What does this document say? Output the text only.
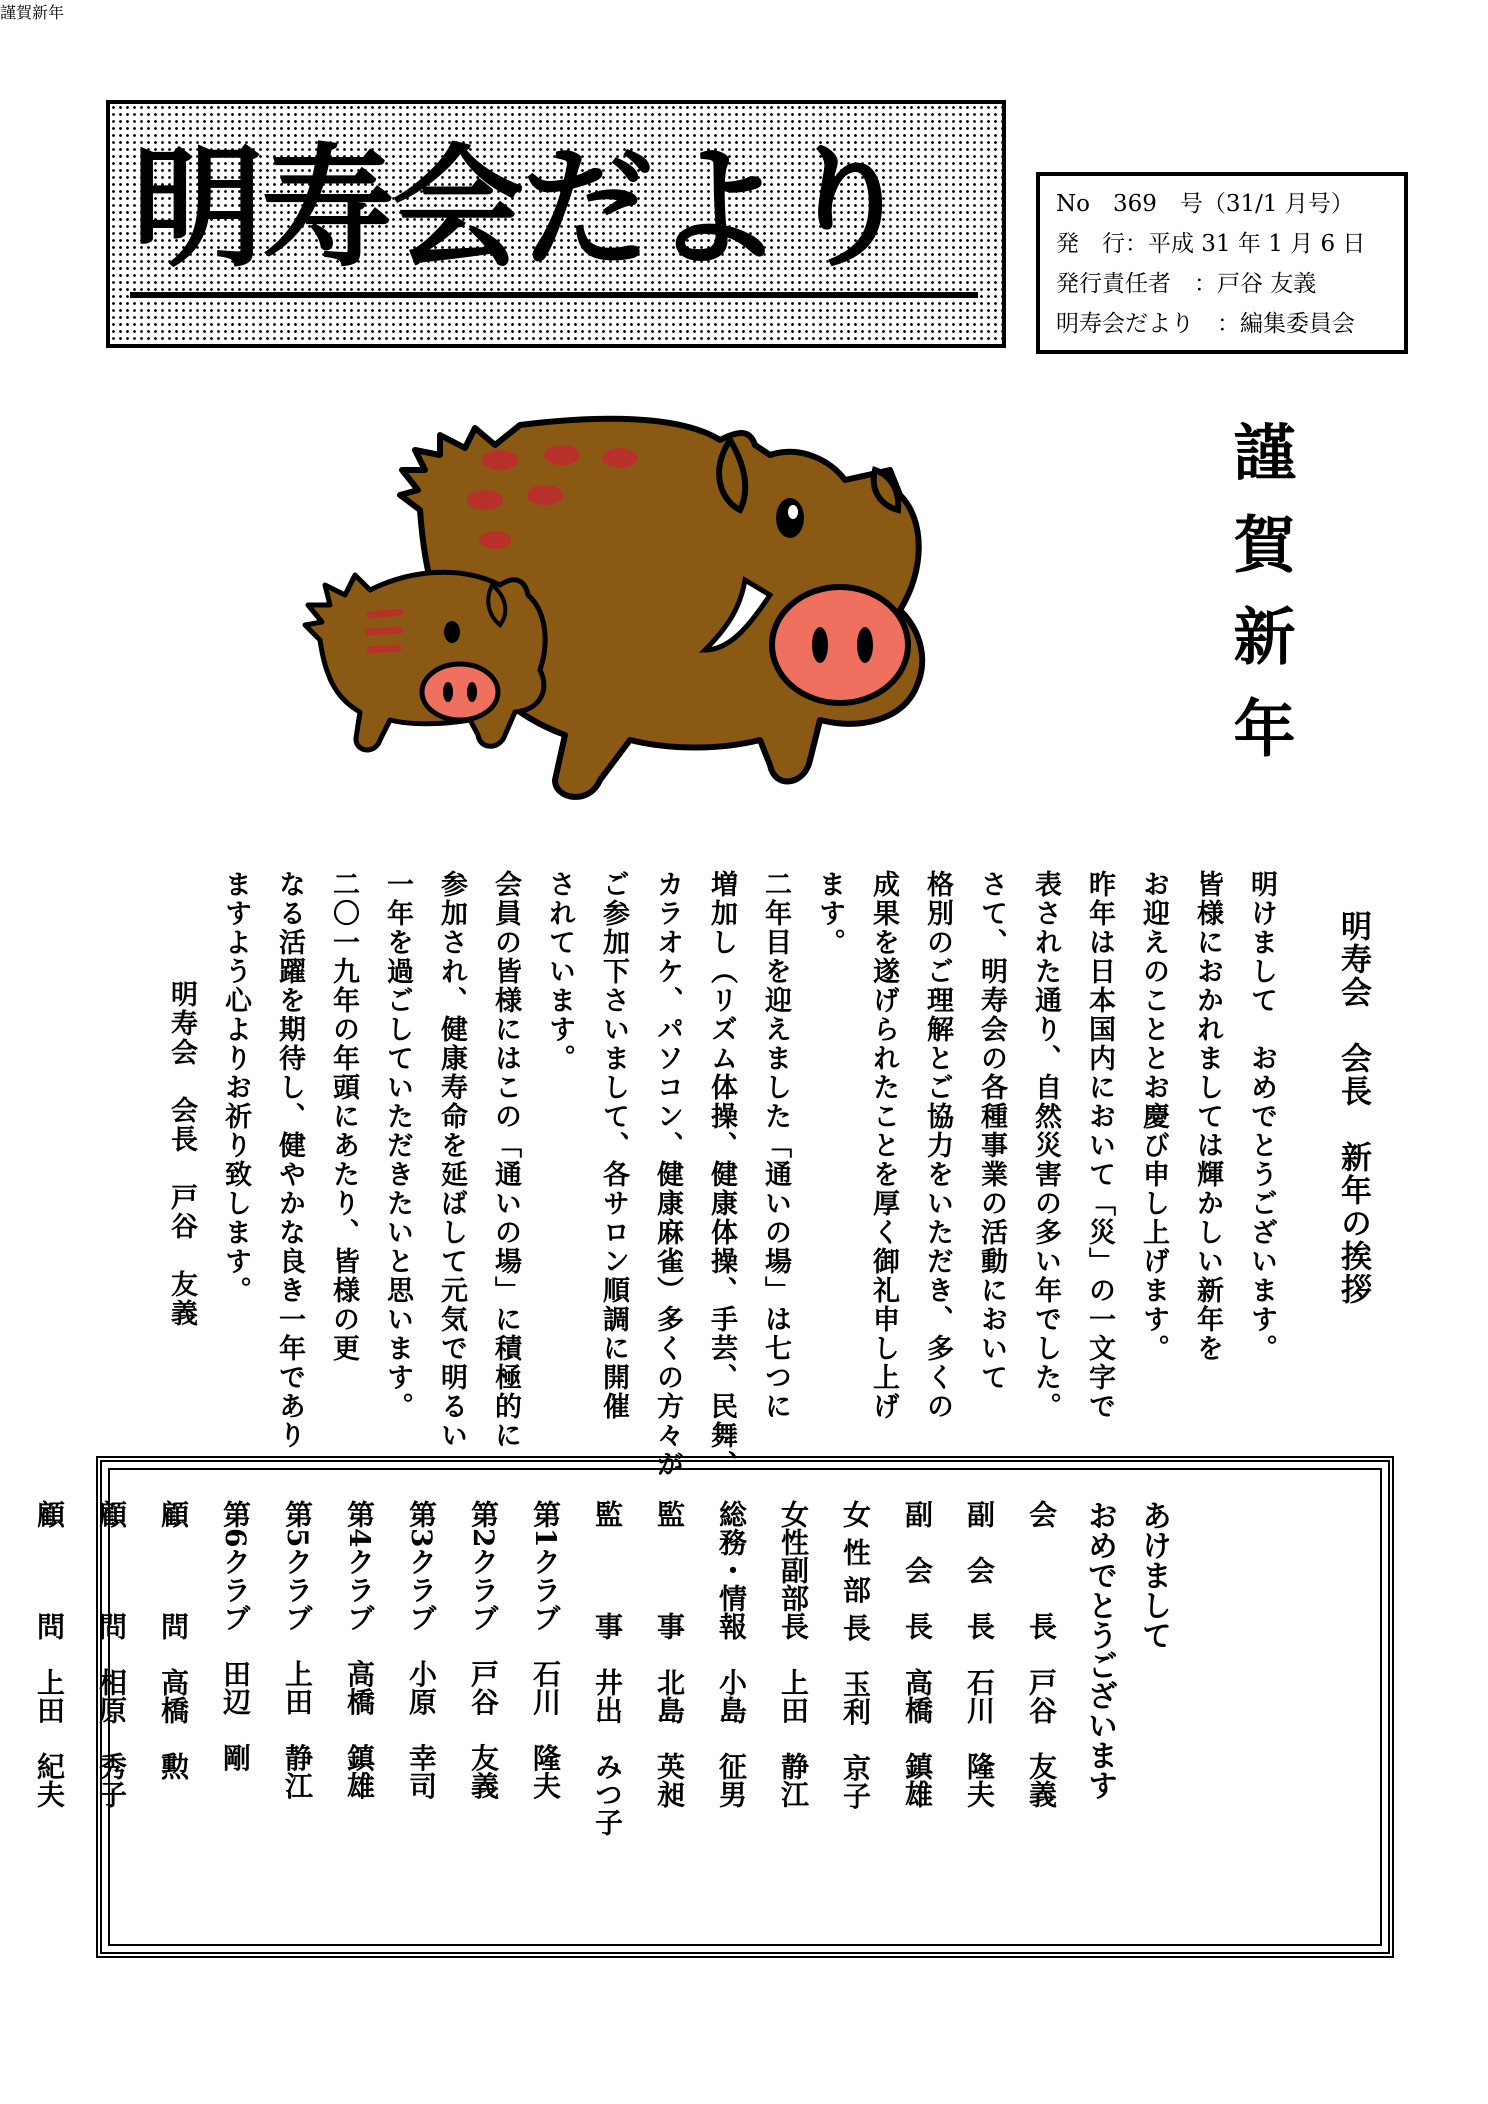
明寿会だより	No　369　号（31/1 月号）
発　行：平成 31 年 1 月 6 日
発行責任者　：戸谷 友義
明寿会だより　：編集委員会
謹賀新年

明寿会　会長　新年の挨拶

明けまして　おめでとうございます。

皆様におかれましては輝かしい新年を

お迎えのこととお慶び申し上げます。

昨年は日本国内において「災」の一文字で

表された通り、自然災害の多い年でした。

さて、明寿会の各種事業の活動において

格別のご理解とご協力をいただき、多くの

成果を遂げられたことを厚く御礼申し上げ

ます。

二年目を迎えました「通いの場」は七つに

増加し（リズム体操、健康体操、手芸、民舞、

カラオケ、パソコン、健康麻雀）多くの方々が

ご参加下さいまして、各サロン順調に開催

されています。

会員の皆様にはこの「通いの場」に積極的に

参加され、健康寿命を延ばして元気で明るい

一年を過ごしていただきたいと思います。

二〇一九年の年頭にあたり、皆様の更

なる活躍を期待し、健やかな良き一年であり

ますよう心よりお祈り致します。

明寿会　会長　戸谷　友義

謹賀新年

あけまして

おめでとうございます

会　　　長　戸谷　友義

副　会　長　石川　隆夫

副　会　長　高橋　鎮雄

女 性 部 長　玉利　京子

女性副部長　上田　静江

総務・情報　小島　征男

監　　　事　北島　英昶

監　　　事　井出　みつ子

第1クラブ　石川　隆夫

第2クラブ　戸谷　友義

第3クラブ　小原　幸司

第4クラブ　高橋　鎮雄

第5クラブ　上田　静江

第6クラブ　田辺　剛

顧　　　問　高橋　勲

顧　　　問　相原　秀子

顧　　　問　上田　紀夫
